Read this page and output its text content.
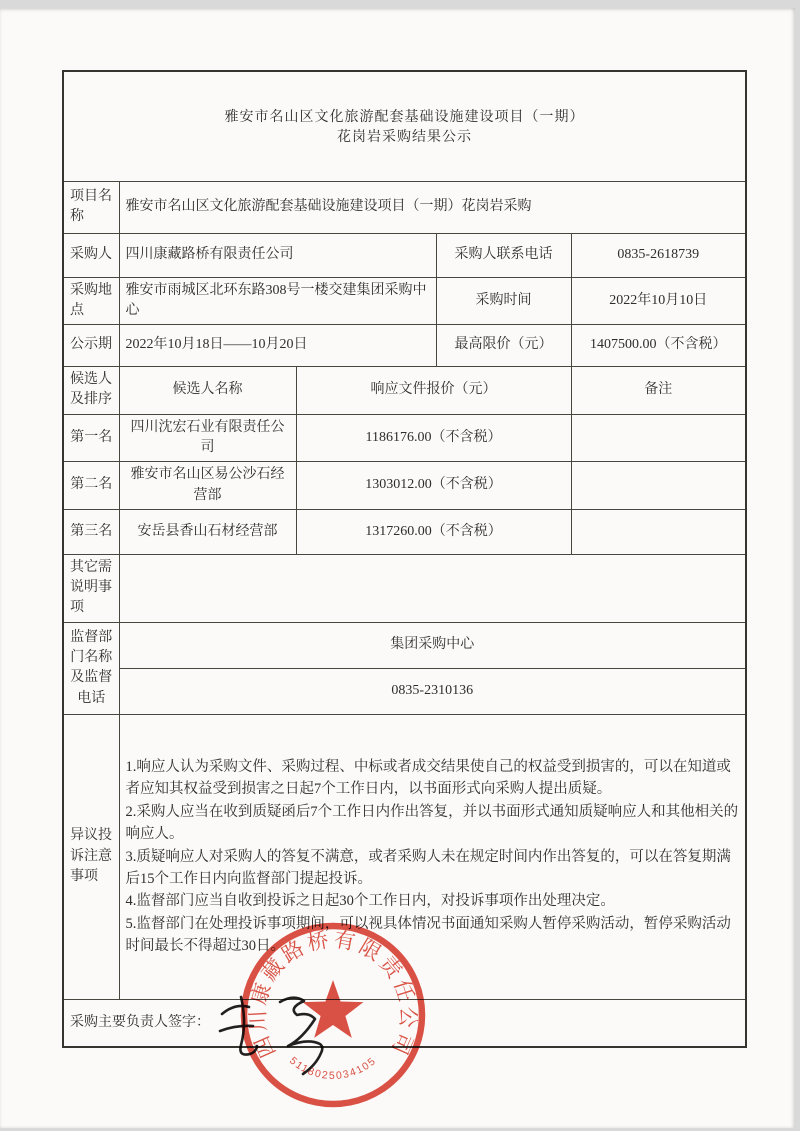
雅安市名山区文化旅游配套基础设施建设项目（一期）
花岗岩采购结果公示				

项目名称	雅安市名山区文化旅游配套基础设施建设项目（一期）花岗岩采购			
采购人	四川康藏路桥有限责任公司		采购人联系电话	0835-2618739
采购地点	雅安市雨城区北环东路308号一楼交建集团采购中心		采购时间	2022年10月10日
公示期	2022年10月18日——10月20日		最高限价（元）	1407500.00（不含税）
候选人及排序	候选人名称	响应文件报价（元）		备注
第一名	四川沈宏石业有限责任公司	1186176.00（不含税）		
第二名	雅安市名山区易公沙石经营部	1303012.00（不含税）		
第三名	安岳县香山石材经营部	1317260.00（不含税）		
其它需说明事项				
监督部门名称及监督电话	集团采购中心			
	0835-2310136			
异议投诉注意事项	1.响应人认为采购文件、采购过程、中标或者成交结果使自己的权益受到损害的，可以在知道或者应知其权益受到损害之日起7个工作日内，以书面形式向采购人提出质疑。
2.采购人应当在收到质疑函后7个工作日内作出答复，并以书面形式通知质疑响应人和其他相关的响应人。
3.质疑响应人对采购人的答复不满意，或者采购人未在规定时间内作出答复的，可以在答复期满后15个工作日内向监督部门提起投诉。
4.监督部门应当自收到投诉之日起30个工作日内，对投诉事项作出处理决定。
5.监督部门在处理投诉事项期间，可以视具体情况书面通知采购人暂停采购活动，暂停采购活动时间最长不得超过30日。			

采购主要负责人签字：				
四川康藏路桥有限责任公司
5118025034105
